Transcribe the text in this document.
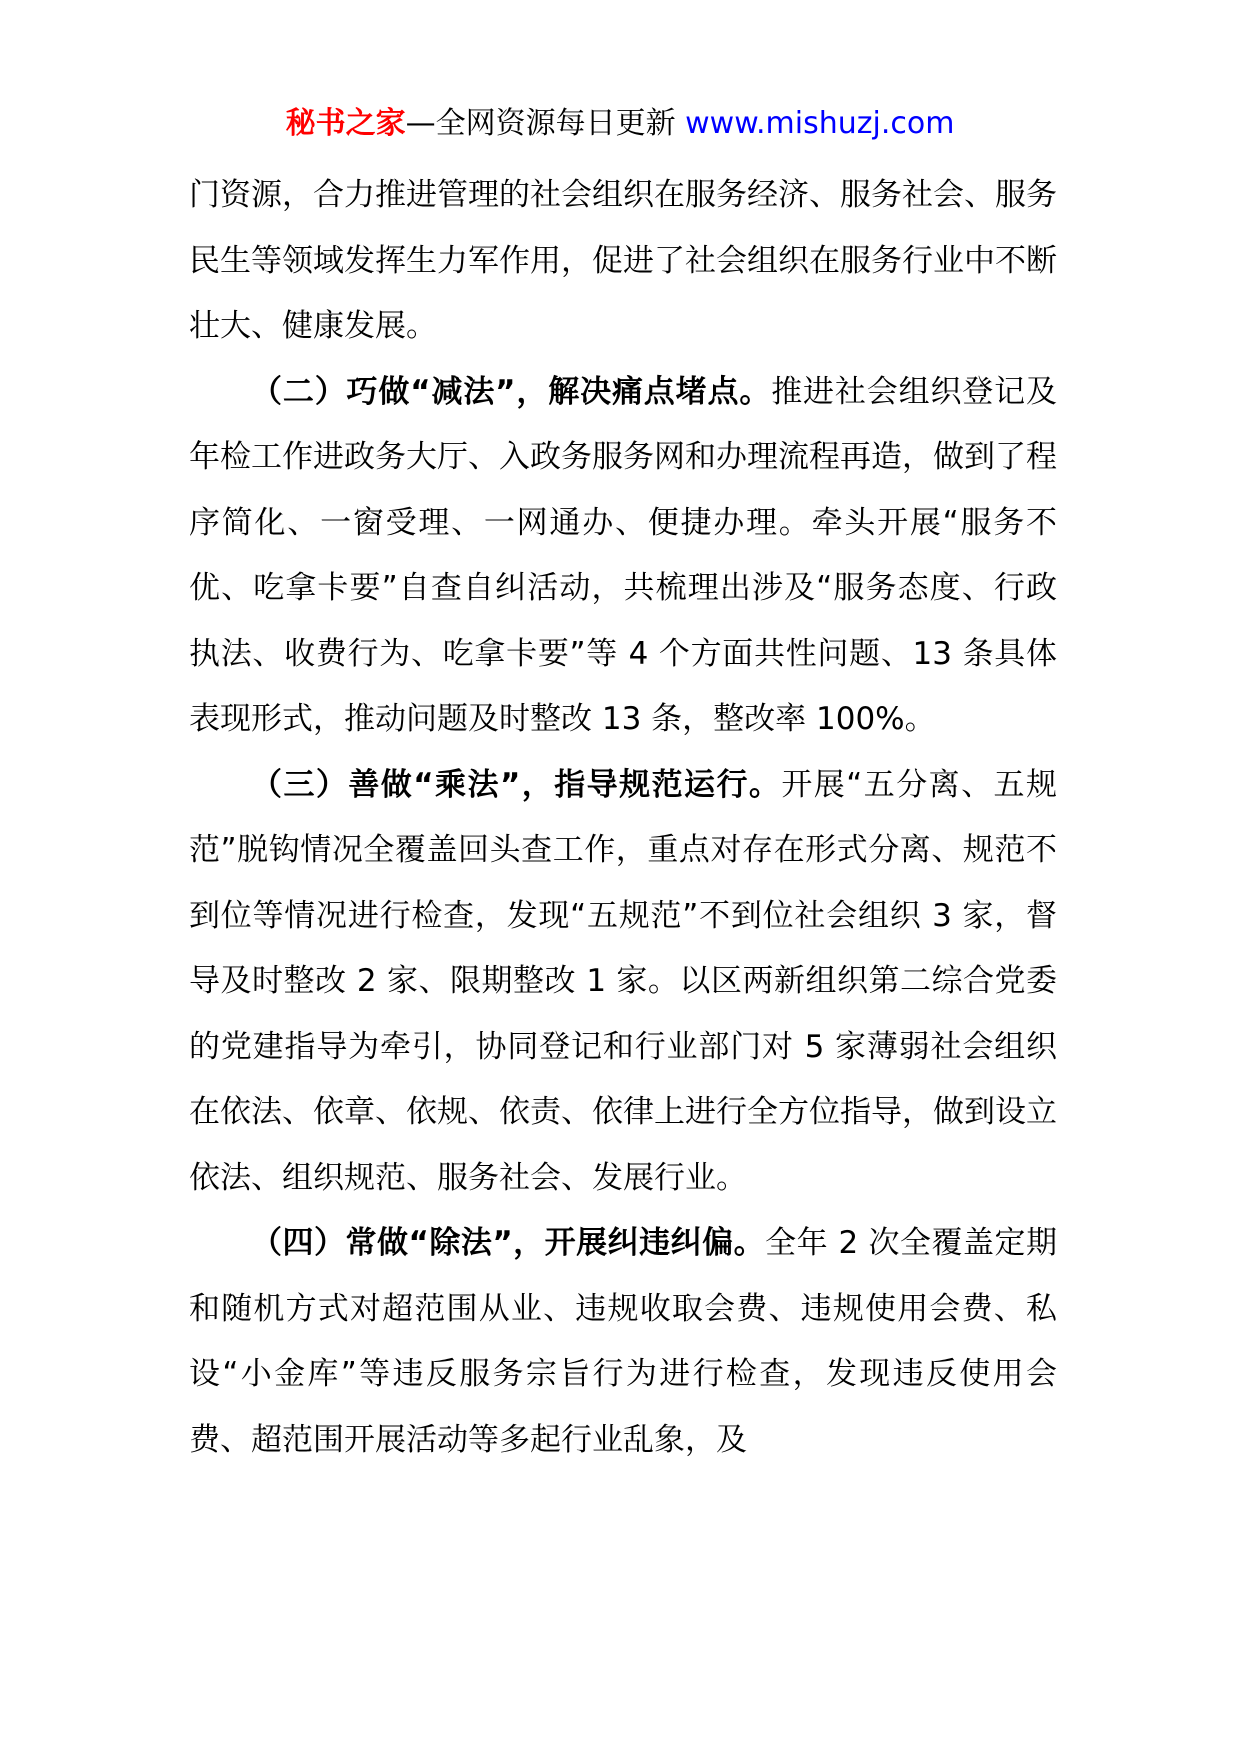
秘书之家—全网资源每日更新 www.mishuzj.com

门资源，合力推进管理的社会组织在服务经济、服务社会、服务民生等领域发挥生力军作用，促进了社会组织在服务行业中不断壮大、健康发展。

（二）巧做“减法”，解决痛点堵点。推进社会组织登记及年检工作进政务大厅、入政务服务网和办理流程再造，做到了程序简化、一窗受理、一网通办、便捷办理。牵头开展“服务不优、吃拿卡要”自查自纠活动，共梳理出涉及“服务态度、行政执法、收费行为、吃拿卡要”等 4 个方面共性问题、13 条具体表现形式，推动问题及时整改 13 条，整改率 100%。

（三）善做“乘法”，指导规范运行。开展“五分离、五规范”脱钩情况全覆盖回头查工作，重点对存在形式分离、规范不到位等情况进行检查，发现“五规范”不到位社会组织 3 家，督导及时整改 2 家、限期整改 1 家。以区两新组织第二综合党委的党建指导为牵引，协同登记和行业部门对 5 家薄弱社会组织在依法、依章、依规、依责、依律上进行全方位指导，做到设立依法、组织规范、服务社会、发展行业。

（四）常做“除法”，开展纠违纠偏。全年 2 次全覆盖定期和随机方式对超范围从业、违规收取会费、违规使用会费、私设“小金库”等违反服务宗旨行为进行检查，发现违反使用会费、超范围开展活动等多起行业乱象，及
